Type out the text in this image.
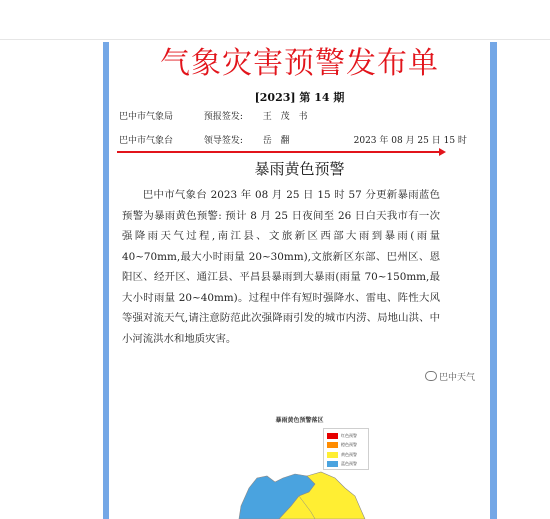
气象灾害预警发布单
[2023] 第 14 期
巴中市气象局	预报签发: 王 茂 书
巴中市气象台	领导签发: 岳 翻	2023 年 08 月 25 日 15 时
暴雨黄色预警

巴中市气象台 2023 年 08 月 25 日 15 时 57 分更新暴雨蓝色预警为暴雨黄色预警: 预计 8 月 25 日夜间至 26 日白天我市有一次强降雨天气过程,南江县、文旅新区西部大雨到暴雨(雨量 40~70mm,最大小时雨量 20~30mm),文旅新区东部、巴州区、恩阳区、经开区、通江县、平昌县暴雨到大暴雨(雨量 70~150mm,最大小时雨量 20~40mm)。过程中伴有短时强降水、雷电、阵性大风等强对流天气,请注意防范此次强降雨引发的城市内涝、局地山洪、中小河流洪水和地质灾害。

巴中天气
暴雨黄色预警落区
红色预警
橙色预警
黄色预警
蓝色预警
